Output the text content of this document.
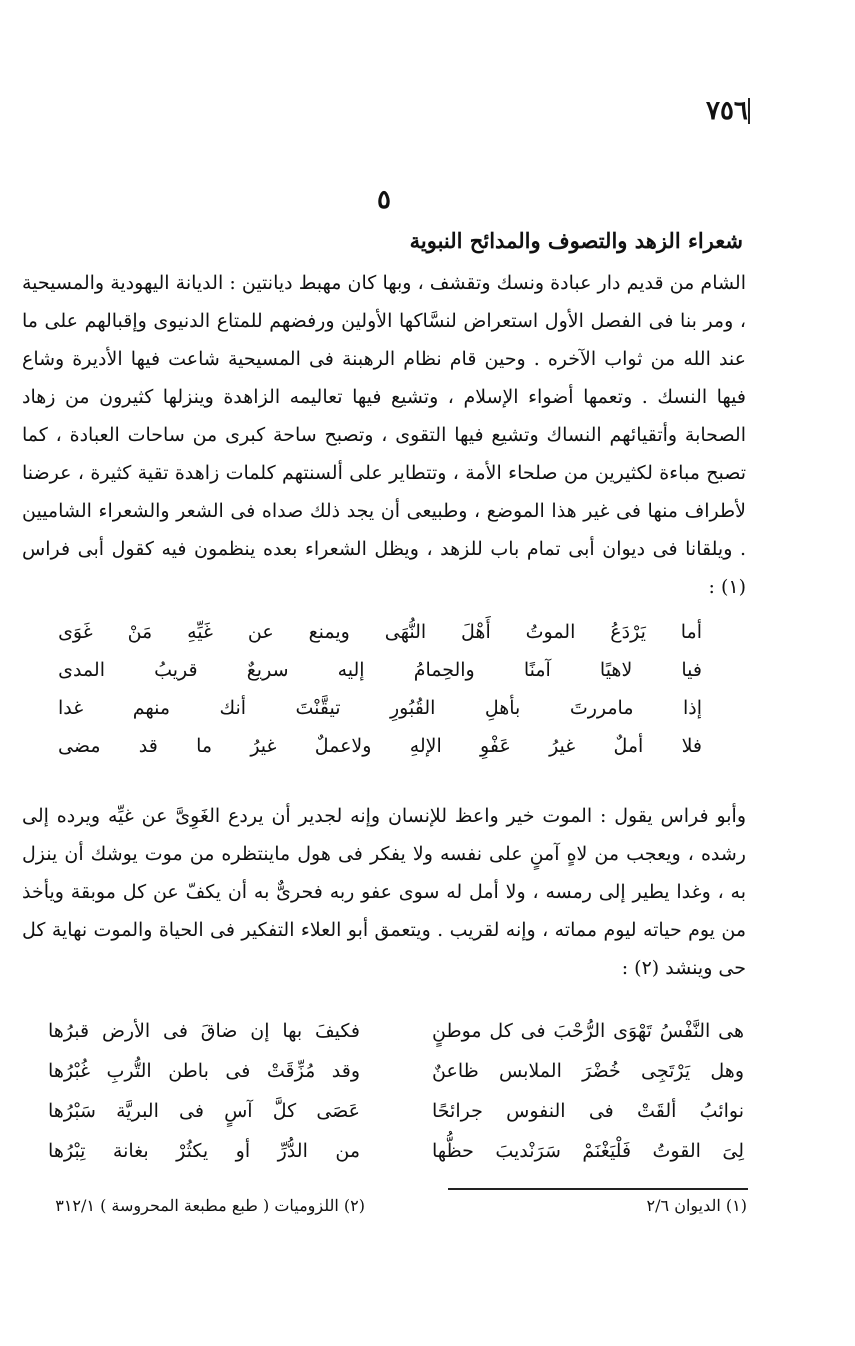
٧٥٦
٥
شعراء الزهد والتصوف والمدائح النبوية

الشام من قديم دار عبادة ونسك وتقشف ، وبها كان مهبط ديانتين : الديانة اليهودية والمسيحية ، ومر بنا فى الفصل الأول استعراض لنسَّاكها الأولين ورفضهم للمتاع الدنيوى وإقبالهم على ما عند الله من ثواب الآخره . وحين قام نظام الرهبنة فى المسيحية شاعت فيها الأديرة وشاع فيها النسك . وتعمها أضواء الإسلام ، وتشيع فيها تعاليمه الزاهدة وينزلها كثيرون من زهاد الصحابة وأتقيائهم النساك وتشيع فيها التقوى ، وتصبح ساحة كبرى من ساحات العبادة ، كما تصبح مباءة لكثيرين من صلحاء الأمة ، وتتطاير على ألسنتهم كلمات زاهدة تقية كثيرة ، عرضنا لأطراف منها فى غير هذا الموضع ، وطبيعى أن يجد ذلك صداه فى الشعر والشعراء الشاميين . ويلقانا فى ديوان أبى تمام باب للزهد ، ويظل الشعراء بعده ينظمون فيه كقول أبى فراس (١) :

أما
يَرْدَعُ
الموتُ
أَهْلَ
النُّهَى
ويمنع
عن
غَيِّهِ
مَنْ
غَوَى
فيا
لاهيًا
آمنًا
والحِمامُ
إليه
سريعٌ
قريبُ
المدى
إذا
مامررتَ
بأهلِ
القُبُورِ
تيقَّنْتَ
أنك
منهم
غدا
فلا
أملٌ
غيرُ
عَفْوِ
الإلهِ
ولاعملٌ
غيرُ
ما
قد
مضى

وأبو فراس يقول : الموت خير واعظ للإنسان وإنه لجدير أن يردع الغَوِىَّ عن غيِّه ويرده إلى رشده ، ويعجب من لاهٍ آمنٍ على نفسه ولا يفكر فى هول ماينتظره من موت يوشك أن ينزل به ، وغدا يطير إلى رمسه ، ولا أمل له سوى عفو ربه فحرىٌّ به أن يكفّ عن كل موبقة ويأخذ من يوم حياته ليوم مماته ، وإنه لقريب . ويتعمق أبو العلاء التفكير فى الحياة والموت نهاية كل حى وينشد (٢) :

هى
النَّفْسُ
تَهْوَى
الرُّحْبَ
فى
كل
موطنٍ
فكيفَ
بها
إن
ضاقَ
فى
الأرض
قبرُها
وهل
يَرْتَجِى
خُضْرَ
الملابس
ظاعنٌ
وقد
مُزِّقَتْ
فى
باطن
التُّربِ
غُبْرُها
نوائبُ
ألقَتْ
فى
النفوس
جرائحًا
عَصَى
كلَّ
آسٍ
فى
البريَّة
سَبْرُها
لِىَ
القوتُ
فَلْيَغْنَمْ
سَرَنْديبَ
حظُّها
من
الدُّرِّ
أو
يكثُرْ
بغانة
تِبْرُها
(١) الديوان ٢/٦
(٢) اللزوميات ( طبع مطبعة المحروسة ) ٣١٢/١
